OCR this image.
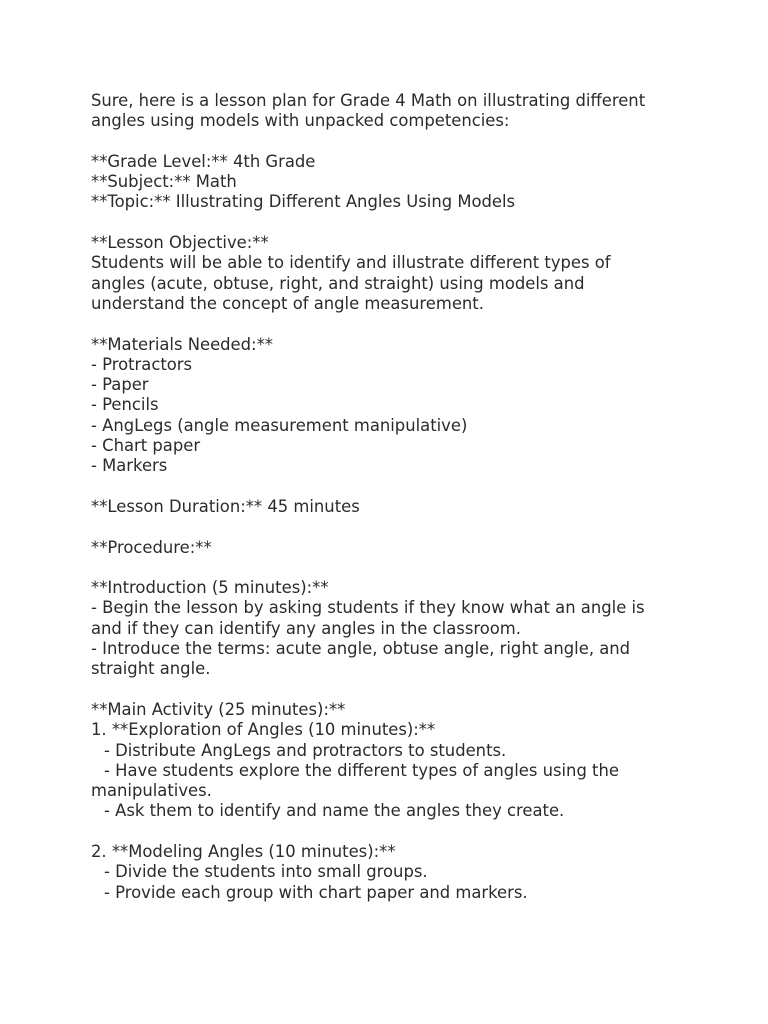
Sure, here is a lesson plan for Grade 4 Math on illustrating different
angles using models with unpacked competencies:
**Grade Level:** 4th Grade
**Subject:** Math
**Topic:** Illustrating Different Angles Using Models
**Lesson Objective:**
Students will be able to identify and illustrate different types of
angles (acute, obtuse, right, and straight) using models and
understand the concept of angle measurement.
**Materials Needed:**
- Protractors
- Paper
- Pencils
- AngLegs (angle measurement manipulative)
- Chart paper
- Markers
**Lesson Duration:** 45 minutes
**Procedure:**
**Introduction (5 minutes):**
- Begin the lesson by asking students if they know what an angle is
and if they can identify any angles in the classroom.
- Introduce the terms: acute angle, obtuse angle, right angle, and
straight angle.
**Main Activity (25 minutes):**
1. **Exploration of Angles (10 minutes):**
- Distribute AngLegs and protractors to students.
- Have students explore the different types of angles using the
manipulatives.
- Ask them to identify and name the angles they create.
2. **Modeling Angles (10 minutes):**
- Divide the students into small groups.
- Provide each group with chart paper and markers.
